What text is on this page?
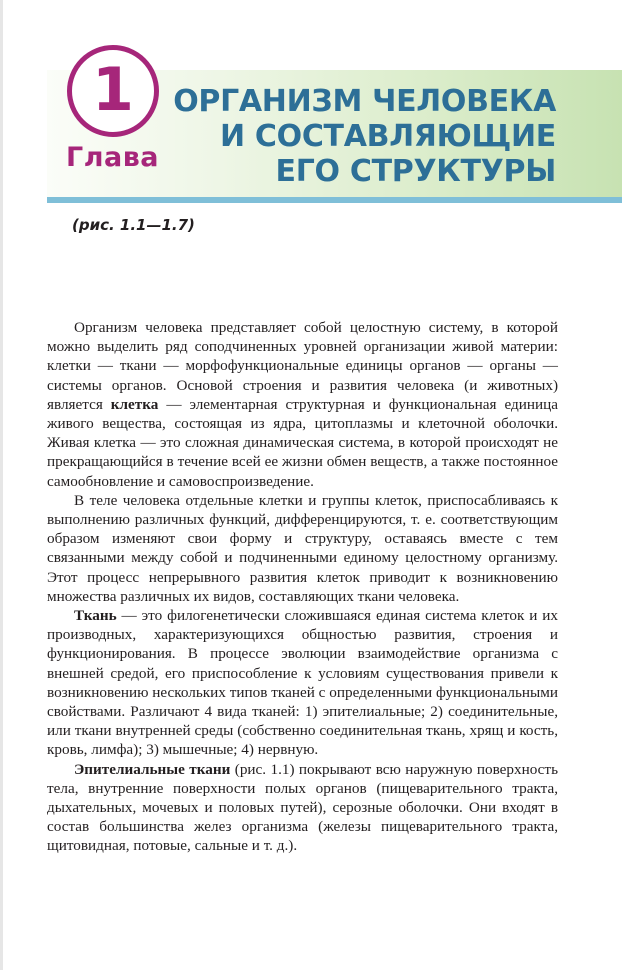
1
Глава
ОРГАНИЗМ ЧЕЛОВЕКА
И СОСТАВЛЯЮЩИЕ
ЕГО СТРУКТУРЫ
(рис. 1.1—1.7)

Организм человека представляет собой целостную систему, в которой можно выделить ряд соподчиненных уровней организации живой материи: клетки — ткани — морфофункциональные единицы органов — органы — системы органов. Основой строения и развития человека (и животных) является клетка — элементарная структурная и функциональная единица живого вещества, состоящая из ядра, цитоплазмы и клеточной оболочки. Живая клетка — это сложная динамическая система, в которой происходят не прекращающийся в течение всей ее жизни обмен веществ, а также постоянное самообновление и самовоспроизведение.

В теле человека отдельные клетки и группы клеток, приспосабливаясь к выполнению различных функций, дифференцируются, т. е. соответствующим образом изменяют свои форму и структуру, оставаясь вместе с тем связанными между собой и подчиненными единому целостному организму. Этот процесс непрерывного развития клеток приводит к возникновению множества различных их видов, составляющих ткани человека.

Ткань — это филогенетически сложившаяся единая система клеток и их производных, характеризующихся общностью развития, строения и функционирования. В процессе эволюции взаимодействие организма с внешней средой, его приспособление к условиям существования привели к возникновению нескольких типов тканей с определенными функциональными свойствами. Различают 4 вида тканей: 1) эпителиальные; 2) соединительные, или ткани внутренней среды (собственно соединительная ткань, хрящ и кость, кровь, лимфа); 3) мышечные; 4) нервную.

Эпителиальные ткани (рис. 1.1) покрывают всю наружную поверхность тела, внутренние поверхности полых органов (пищеварительного тракта, дыхательных, мочевых и половых путей), серозные оболочки. Они входят в состав большинства желез организма (железы пищеварительного тракта, щитовидная, потовые, сальные и т. д.).
